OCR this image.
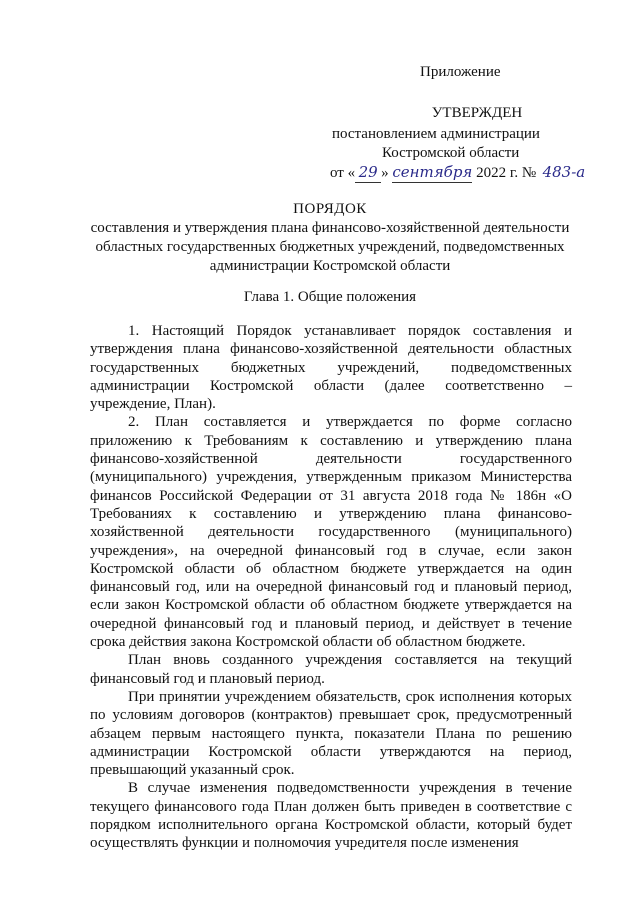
Приложение
УТВЕРЖДЕН
постановлением администрации
Костромской области
от « 29 » сентября 2022 г. № 483-а
ПОРЯДОК
составления и утверждения плана финансово-хозяйственной деятельности
областных государственных бюджетных учреждений, подведомственных
администрации Костромской области
Глава 1. Общие положения

1. Настоящий Порядок устанавливает порядок составления и утверждения плана финансово-хозяйственной деятельности областных государственных бюджетных учреждений, подведомственных администрации Костромской области (далее соответственно – учреждение, План).

2. План составляется и утверждается по форме согласно приложению к Требованиям к составлению и утверждению плана финансово-хозяйственной деятельности государственного (муниципального) учреждения, утвержденным приказом Министерства финансов Российской Федерации от 31 августа 2018 года № 186н «О Требованиях к составлению и утверждению плана финансово-хозяйственной деятельности государственного (муниципального) учреждения», на очередной финансовый год в случае, если закон Костромской области об областном бюджете утверждается на один финансовый год, или на очередной финансовый год и плановый период, если закон Костромской области об областном бюджете утверждается на очередной финансовый год и плановый период, и действует в течение срока действия закона Костромской области об областном бюджете.

План вновь созданного учреждения составляется на текущий финансовый год и плановый период.

При принятии учреждением обязательств, срок исполнения которых по условиям договоров (контрактов) превышает срок, предусмотренный абзацем первым настоящего пункта, показатели Плана по решению администрации Костромской области утверждаются на период, превышающий указанный срок.

В случае изменения подведомственности учреждения в течение текущего финансового года План должен быть приведен в соответствие с порядком исполнительного органа Костромской области, который будет осуществлять функции и полномочия учредителя после изменения
